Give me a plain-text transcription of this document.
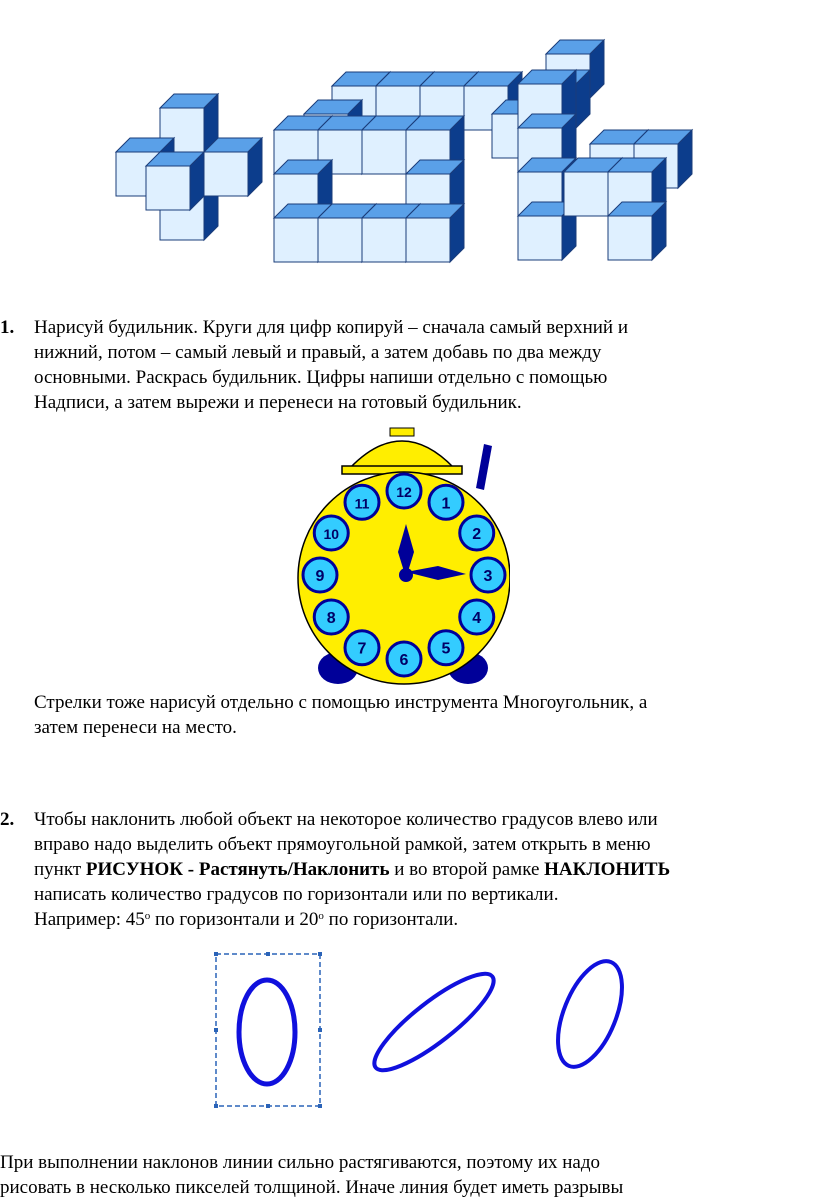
1. Нарисуй будильник. Круги для цифр копируй – сначала самый верхний и
нижний, потом – самый левый и правый, а затем добавь по два между
основными. Раскрась будильник. Цифры напиши отдельно с помощью
Надписи, а затем вырежи и перенеси на готовый будильник.
12
1
2
3
4
5
6
7
8
9
10
11
Стрелки тоже нарисуй отдельно с помощью инструмента Многоугольник, а
затем перенеси на место.
2. Чтобы наклонить любой объект на некоторое количество градусов влево или
вправо надо выделить объект прямоугольной рамкой, затем открыть в меню
пункт РИСУНОК - Растянуть/Наклонить и во второй рамке НАКЛОНИТЬ
написать количество градусов по горизонтали или по вертикали.
Например: $45^о$ по горизонтали и $20^о$ по горизонтали.
При выполнении наклонов линии сильно растягиваются, поэтому их надо
рисовать в несколько пикселей толщиной. Иначе линия будет иметь разрывы
